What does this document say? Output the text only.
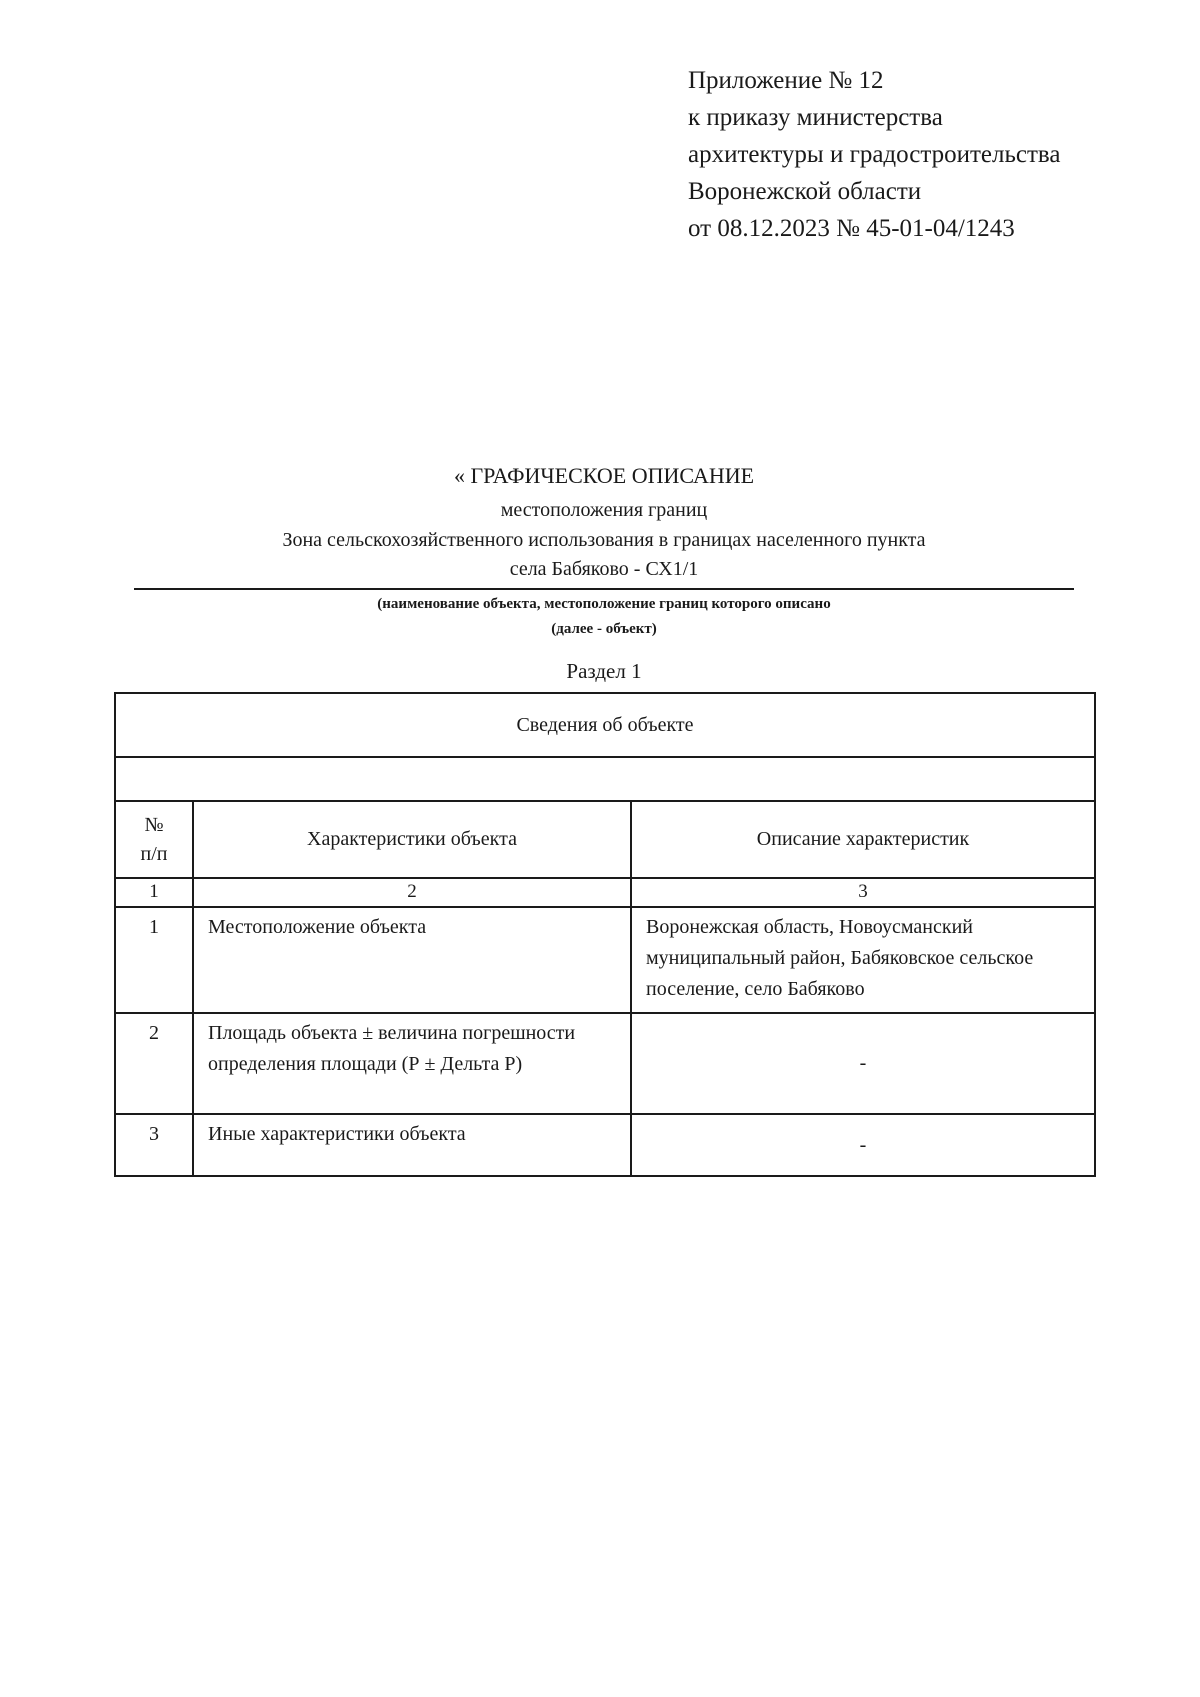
Приложение № 12
к приказу министерства
архитектуры и градостроительства
Воронежской области
от 08.12.2023 № 45-01-04/1243
« ГРАФИЧЕСКОЕ ОПИСАНИЕ
местоположения границ
Зона сельскохозяйственного использования в границах населенного пункта
села Бабяково - СХ1/1
(наименование объекта, местоположение границ которого описано
(далее - объект)
Раздел 1
Сведения об объекте		

№ п/п	Характеристики объекта	Описание характеристик
1	2	3
1	Местоположение объекта	Воронежская область, Новоусманский муниципальный район, Бабяковское сельское поселение, село Бабяково
2	Площадь объекта ± величина погрешности определения площади (Р ± Дельта Р)	-
3	Иные характеристики объекта	-
